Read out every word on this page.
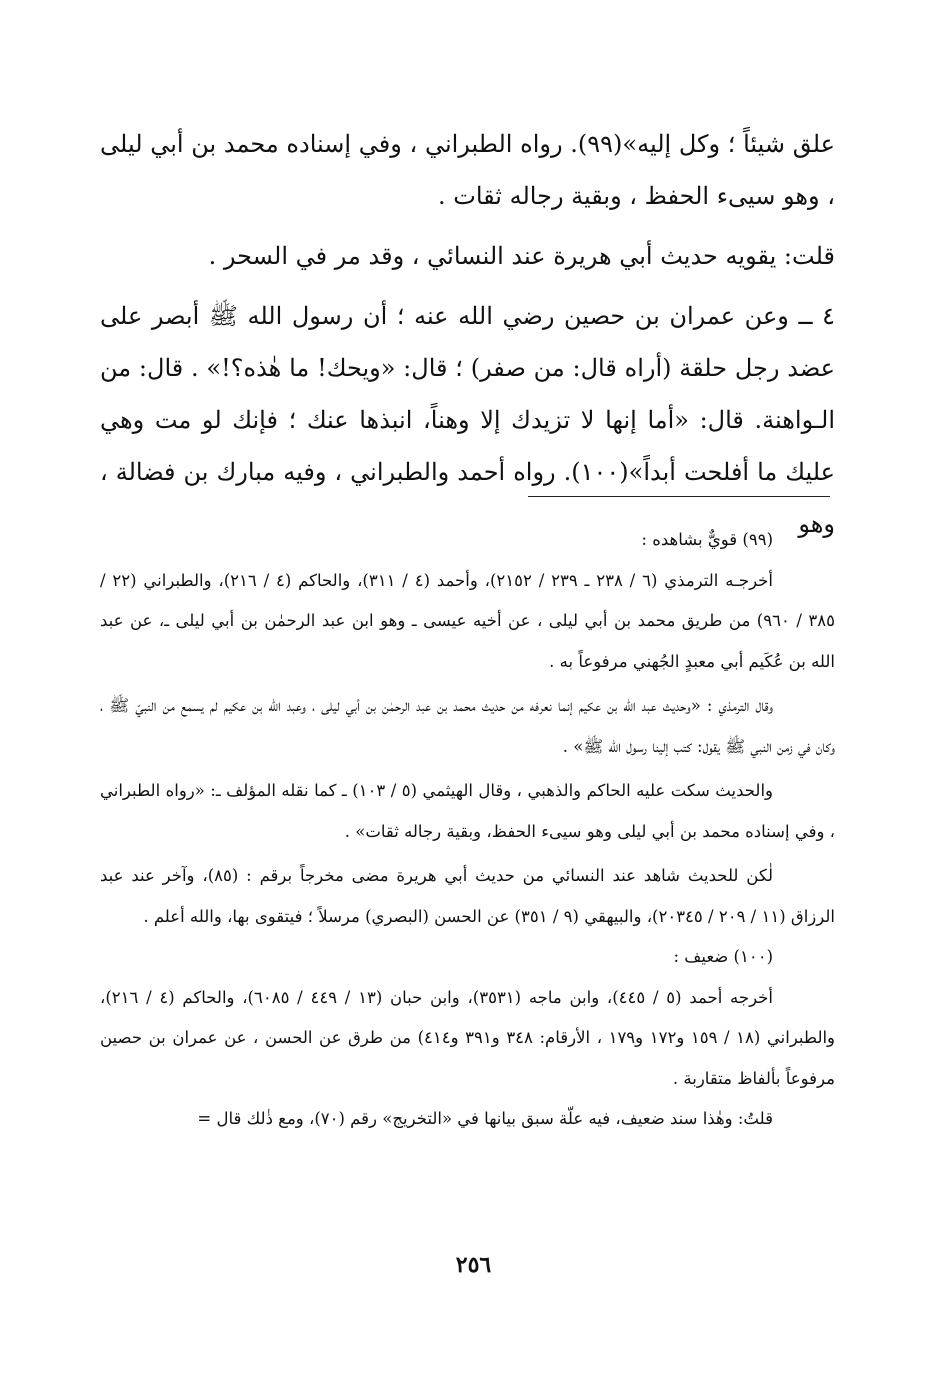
علق شيئاً ؛ وكل إليه»(٩٩). رواه الطبراني ، وفي إسناده محمد بن أبي ليلى ، وهو سيىء الحفظ ، وبقية رجاله ثقات .

قلت: يقويه حديث أبي هريرة عند النسائي ، وقد مر في السحر .

٤ ــ وعن عمران بن حصين رضي الله عنه ؛ أن رسول الله ﷺ أبصر على عضد رجل حلقة (أراه قال: من صفر) ؛ قال: «ويحك! ما هٰذه؟!» . قال: من الـواهنة. قال: «أما إنها لا تزيدك إلا وهناً، انبذها عنك ؛ فإنك لو مت وهي عليك ما أفلحت أبداً»(١٠٠). رواه أحمد والطبراني ، وفيه مبارك بن فضالة ، وهو

(٩٩) قويٌّ بشاهده :

أخرجـه الترمذي (٦ / ٢٣٨ ـ ٢٣٩ / ٢١٥٢)، وأحمد (٤ / ٣١١)، والحاكم (٤ / ٢١٦)، والطبراني (٢٢ / ٣٨٥ / ٩٦٠) من طريق محمد بن أبي ليلى ، عن أخيه عيسى ـ وهو ابن عبد الرحمٰن بن أبي ليلى ـ، عن عبد الله بن عُكَيم أبي معبدٍ الجُهني مرفوعاً به .

وقال الترمذي : «وحديث عبد الله بن عكيم إنما نعرفه من حديث محمد بن عبد الرحمٰن بن أبي ليلى ، وعبد الله بن عكيم لم يسمع من النبيّ ﷺ ، وكان في زمن النبي ﷺ يقول: كتب إلينا رسول الله ﷺ» .

والحديث سكت عليه الحاكم والذهبي ، وقال الهيثمي (٥ / ١٠٣) ـ كما نقله المؤلف ـ: «رواه الطبراني ، وفي إسناده محمد بن أبي ليلى وهو سيىء الحفظ، وبقية رجاله ثقات» .

لٰكن للحديث شاهد عند النسائي من حديث أبي هريرة مضى مخرجاً برقم : (٨٥)، وآخر عند عبد الرزاق (١١ / ٢٠٩ / ٢٠٣٤٥)، والبيهقي (٩ / ٣٥١) عن الحسن (البصري) مرسلاً ؛ فيتقوى بها، والله أعلم .

(١٠٠) ضعيف :

أخرجه أحمد (٥ / ٤٤٥)، وابن ماجه (٣٥٣١)، وابن حبان (١٣ / ٤٤٩ / ٦٠٨٥)، والحاكم (٤ / ٢١٦)، والطبراني (١٨ / ١٥٩ و١٧٢ و١٧٩ ، الأرقام: ٣٤٨ و٣٩١ و٤١٤) من طرق عن الحسن ، عن عمران بن حصين مرفوعاً بألفاظ متقاربة .

قلتُ: وهٰذا سند ضعيف، فيه علّة سبق بيانها في «التخريج» رقم (٧٠)، ومع ذٰلك قال =

٢٥٦
